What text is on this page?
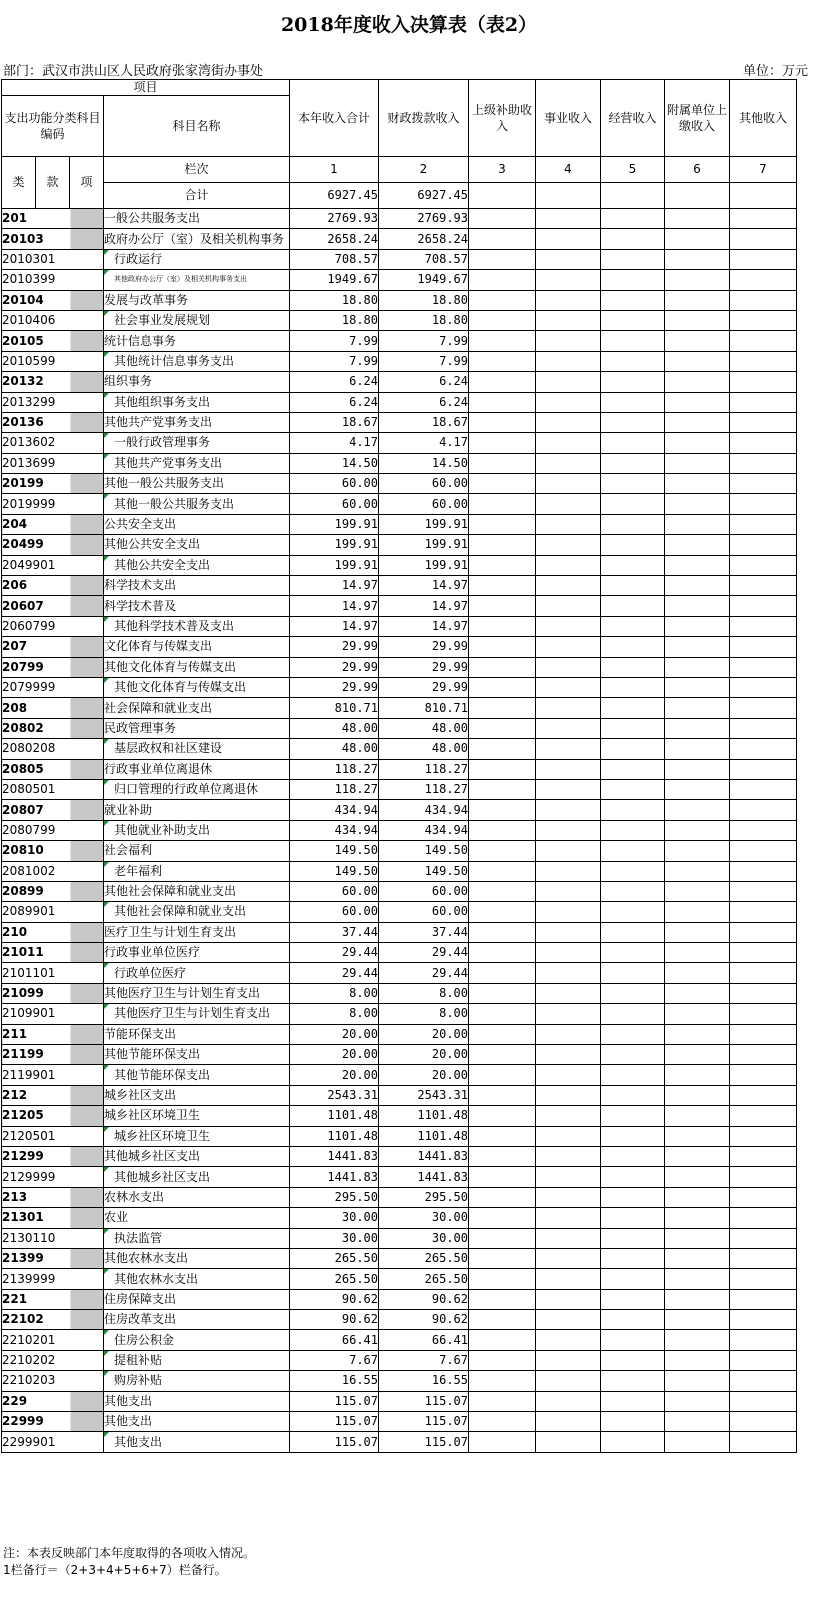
2018年度收入决算表（表2）
部门：武汉市洪山区人民政府张家湾街办事处	单位：万元
项目				本年收入合计	财政拨款收入	上级补助收入	事业收入	经营收入	附属单位上缴收入	其他收入
支出功能分类科目编码			科目名称							

类	款	项	栏次	1	2	3	4	5	6	7
			合计	6927.45	6927.45					
201			一般公共服务支出	2769.93	2769.93					
20103			政府办公厅（室）及相关机构事务	2658.24	2658.24					
2010301			行政运行	708.57	708.57					
2010399			其他政府办公厅（室）及相关机构事务支出	1949.67	1949.67					
20104			发展与改革事务	18.80	18.80					
2010406			社会事业发展规划	18.80	18.80					
20105			统计信息事务	7.99	7.99					
2010599			其他统计信息事务支出	7.99	7.99					
20132			组织事务	6.24	6.24					
2013299			其他组织事务支出	6.24	6.24					
20136			其他共产党事务支出	18.67	18.67					
2013602			一般行政管理事务	4.17	4.17					
2013699			其他共产党事务支出	14.50	14.50					
20199			其他一般公共服务支出	60.00	60.00					
2019999			其他一般公共服务支出	60.00	60.00					
204			公共安全支出	199.91	199.91					
20499			其他公共安全支出	199.91	199.91					
2049901			其他公共安全支出	199.91	199.91					
206			科学技术支出	14.97	14.97					
20607			科学技术普及	14.97	14.97					
2060799			其他科学技术普及支出	14.97	14.97					
207			文化体育与传媒支出	29.99	29.99					
20799			其他文化体育与传媒支出	29.99	29.99					
2079999			其他文化体育与传媒支出	29.99	29.99					
208			社会保障和就业支出	810.71	810.71					
20802			民政管理事务	48.00	48.00					
2080208			基层政权和社区建设	48.00	48.00					
20805			行政事业单位离退休	118.27	118.27					
2080501			归口管理的行政单位离退休	118.27	118.27					
20807			就业补助	434.94	434.94					
2080799			其他就业补助支出	434.94	434.94					
20810			社会福利	149.50	149.50					
2081002			老年福利	149.50	149.50					
20899			其他社会保障和就业支出	60.00	60.00					
2089901			其他社会保障和就业支出	60.00	60.00					
210			医疗卫生与计划生育支出	37.44	37.44					
21011			行政事业单位医疗	29.44	29.44					
2101101			行政单位医疗	29.44	29.44					
21099			其他医疗卫生与计划生育支出	8.00	8.00					
2109901			其他医疗卫生与计划生育支出	8.00	8.00					
211			节能环保支出	20.00	20.00					
21199			其他节能环保支出	20.00	20.00					
2119901			其他节能环保支出	20.00	20.00					
212			城乡社区支出	2543.31	2543.31					
21205			城乡社区环境卫生	1101.48	1101.48					
2120501			城乡社区环境卫生	1101.48	1101.48					
21299			其他城乡社区支出	1441.83	1441.83					
2129999			其他城乡社区支出	1441.83	1441.83					
213			农林水支出	295.50	295.50					
21301			农业	30.00	30.00					
2130110			执法监管	30.00	30.00					
21399			其他农林水支出	265.50	265.50					
2139999			其他农林水支出	265.50	265.50					
221			住房保障支出	90.62	90.62					
22102			住房改革支出	90.62	90.62					
2210201			住房公积金	66.41	66.41					
2210202			提租补贴	7.67	7.67					
2210203			购房补贴	16.55	16.55					
229			其他支出	115.07	115.07					
22999			其他支出	115.07	115.07					
2299901			其他支出	115.07	115.07					
注：本表反映部门本年度取得的各项收入情况。
1栏备行＝（2+3+4+5+6+7）栏备行。
